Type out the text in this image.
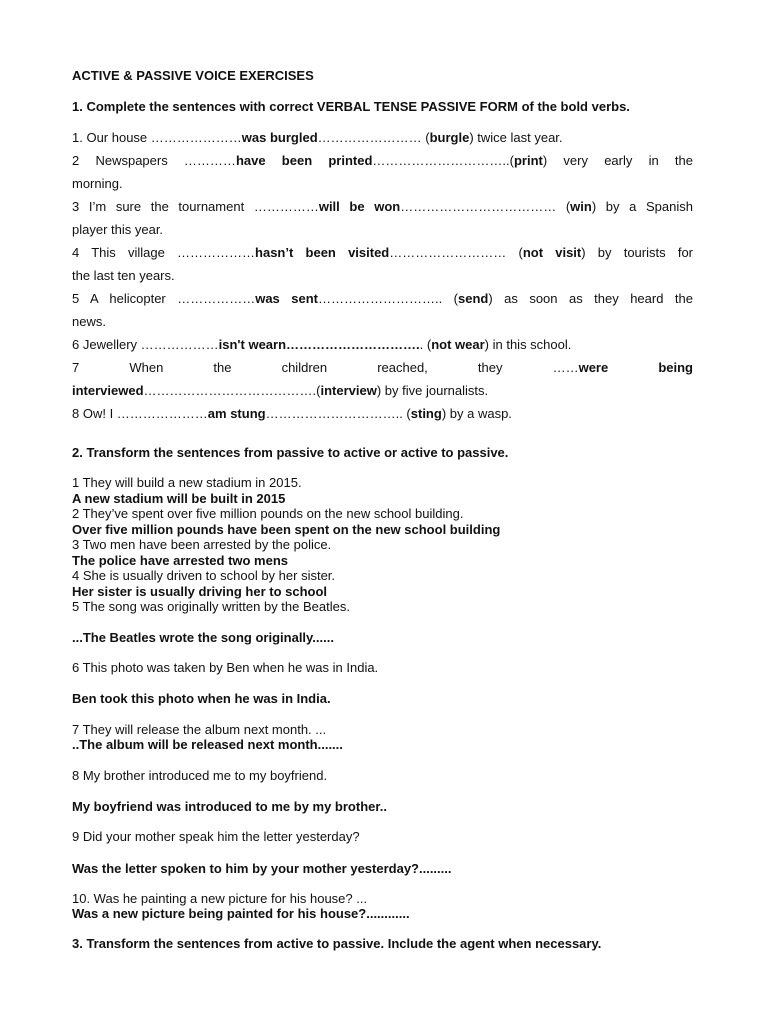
ACTIVE & PASSIVE VOICE EXERCISES
1. Complete the sentences with correct VERBAL TENSE PASSIVE FORM of the bold verbs.
1. Our house …………………was burgled…………………… (burgle) twice last year.
2 Newspapers …………have been printed…………………………..(print) very early in the
morning.
3 I’m sure the tournament ……………will be won……………………………… (win) by a Spanish
player this year.
4 This village ………………hasn’t been visited……………………… (not visit) by tourists for
the last ten years.
5 A helicopter ………………was sent……………………….. (send) as soon as they heard the
news.
6 Jewellery ………………isn't wearn………………………….. (not wear) in this school.
7 When the children reached, they ……were being
interviewed………………………………….(interview) by five journalists.
8 Ow! I …………………am stung………………………….. (sting) by a wasp.
2. Transform the sentences from passive to active or active to passive.
1 They will build a new stadium in 2015.
A new stadium will be built in 2015
2 They’ve spent over five million pounds on the new school building.
Over five million pounds have been spent on the new school building
3 Two men have been arrested by the police.
The police have arrested two mens
4 She is usually driven to school by her sister.
Her sister is usually driving her to school
5 The song was originally written by the Beatles.
...The Beatles wrote the song originally......
6 This photo was taken by Ben when he was in India.
Ben took this photo when he was in India.
7 They will release the album next month. ...
..The album will be released next month.......
8 My brother introduced me to my boyfriend.
My boyfriend was introduced to me by my brother..
9 Did your mother speak him the letter yesterday?
Was the letter spoken to him by your mother yesterday?.........
10. Was he painting a new picture for his house? ...
Was a new picture being painted for his house?............
3. Transform the sentences from active to passive. Include the agent when necessary.
